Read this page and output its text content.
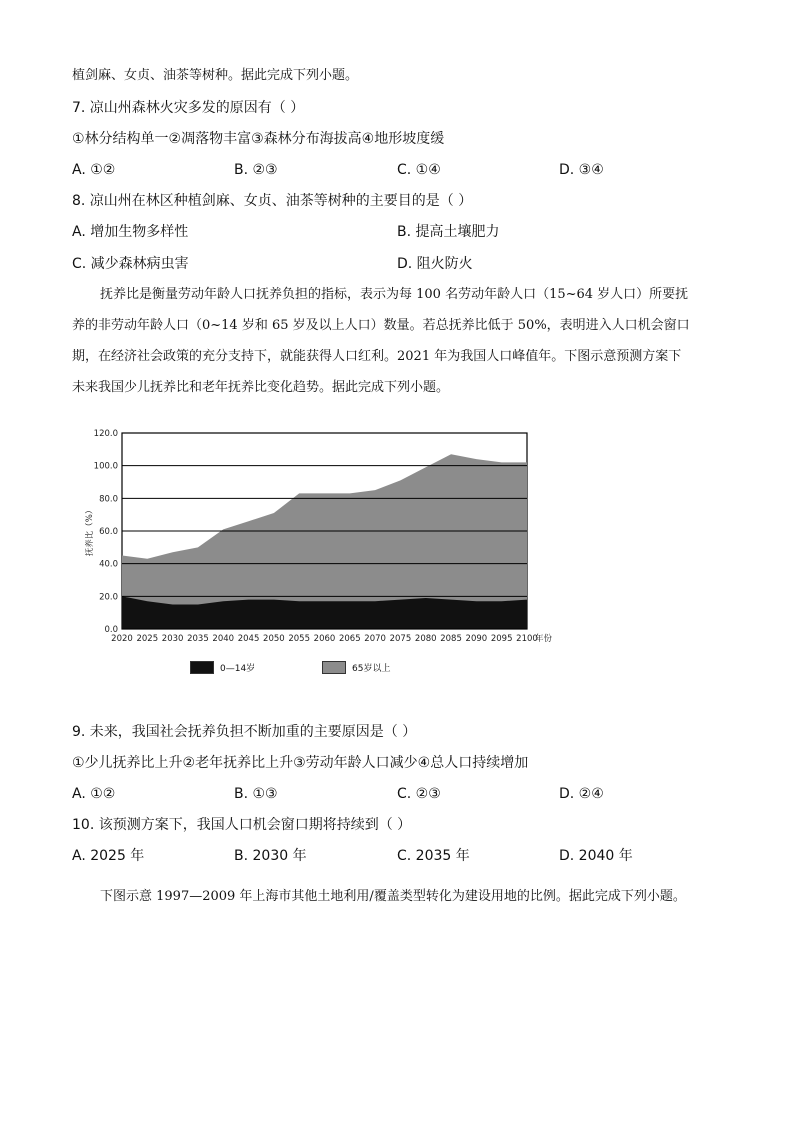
植剑麻、女贞、油茶等树种。据此完成下列小题。
7. 凉山州森林火灾多发的原因有（ ）
①林分结构单一②凋落物丰富③森林分布海拔高④地形坡度缓
A. ①②	B. ②③	C. ①④	D. ③④
8. 凉山州在林区种植剑麻、女贞、油茶等树种的主要目的是（ ）
A. 增加生物多样性	B. 提高土壤肥力
C. 减少森林病虫害	D. 阻火防火
抚养比是衡量劳动年龄人口抚养负担的指标，表示为每 100 名劳动年龄人口（15~64 岁人口）所要抚
养的非劳动年龄人口（0~14 岁和 65 岁及以上人口）数量。若总抚养比低于 50%，表明进入人口机会窗口
期，在经济社会政策的充分支持下，就能获得人口红利。2021 年为我国人口峰值年。下图示意预测方案下
未来我国少儿抚养比和老年抚养比变化趋势。据此完成下列小题。
0.0
20.0
40.0
60.0
80.0
100.0
120.0
2020 2025 2030 2035 2040 2045 2050 2055 2060 2065 2070 2075 2080 2085 2090 2095 2100
年份
抚养比（%）
0—14岁	65岁以上
9. 未来，我国社会抚养负担不断加重的主要原因是（ ）
①少儿抚养比上升②老年抚养比上升③劳动年龄人口减少④总人口持续增加
A. ①②	B. ①③	C. ②③	D. ②④
10. 该预测方案下，我国人口机会窗口期将持续到（ ）
A. 2025 年	B. 2030 年	C. 2035 年	D. 2040 年
下图示意 1997—2009 年上海市其他土地利用/覆盖类型转化为建设用地的比例。据此完成下列小题。
